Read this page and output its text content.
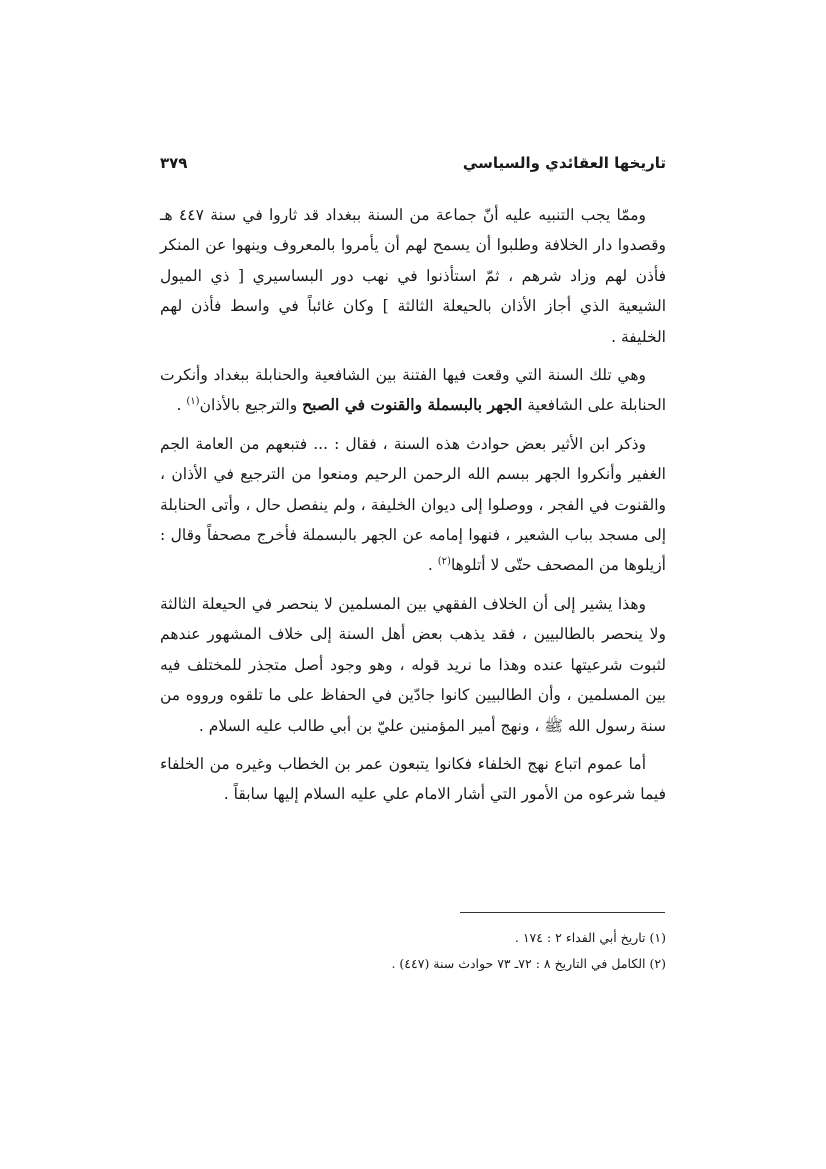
تاريخها العقائدي والسياسي
٣٧٩

وممّا يجب التنبيه عليه أنّ جماعة من السنة ببغداد قد ثاروا في سنة ٤٤٧ هـ وقصدوا دار الخلافة وطلبوا أن يسمح لهم أن يأمروا بالمعروف وينهوا عن المنكر فأذن لهم وزاد شرهم ، ثمّ استأذنوا في نهب دور البساسيري [ ذي الميول الشيعية الذي أجاز الأذان بالحيعلة الثالثة ] وكان غائباً في واسط فأذن لهم الخليفة .

وهي تلك السنة التي وقعت فيها الفتنة بين الشافعية والحنابلة ببغداد وأنكرت الحنابلة على الشافعية الجهر بالبسملة والقنوت في الصبح والترجيع بالأذان$^{(١)}$ .

وذكر ابن الأثير بعض حوادث هذه السنة ، فقال : ... فتبعهم من العامة الجم الغفير وأنكروا الجهر ببسم الله الرحمن الرحيم ومنعوا من الترجيع في الأذان ، والقنوت في الفجر ، ووصلوا إلى ديوان الخليفة ، ولم ينفصل حال ، وأتى الحنابلة إلى مسجد بباب الشعير ، فنهوا إمامه عن الجهر بالبسملة فأخرج مصحفاً وقال : أزيلوها من المصحف حتّى لا أتلوها$^{(٢)}$ .

وهذا يشير إلى أن الخلاف الفقهي بين المسلمين لا ينحصر في الحيعلة الثالثة ولا ينحصر بالطالبيين ، فقد يذهب بعض أهل السنة إلى خلاف المشهور عندهم لثبوت شرعيتها عنده وهذا ما نريد قوله ، وهو وجود أصل متجذر للمختلف فيه بين المسلمين ، وأن الطالبيين كانوا جادّين في الحفاظ على ما تلقوه ورووه من سنة رسول الله ﷺ ، ونهج أمير المؤمنين عليّ بن أبي طالب عليه السلام .

أما عموم اتباع نهج الخلفاء فكانوا يتبعون عمر بن الخطاب وغيره من الخلفاء فيما شرعوه من الأمور التي أشار الامام علي عليه السلام إليها سابقاً .

(١) تاريخ أبي الفداء ٢ : ١٧٤ .
(٢) الكامل في التاريخ ٨ : ٧٢ـ ٧٣ حوادث سنة (٤٤٧) .
